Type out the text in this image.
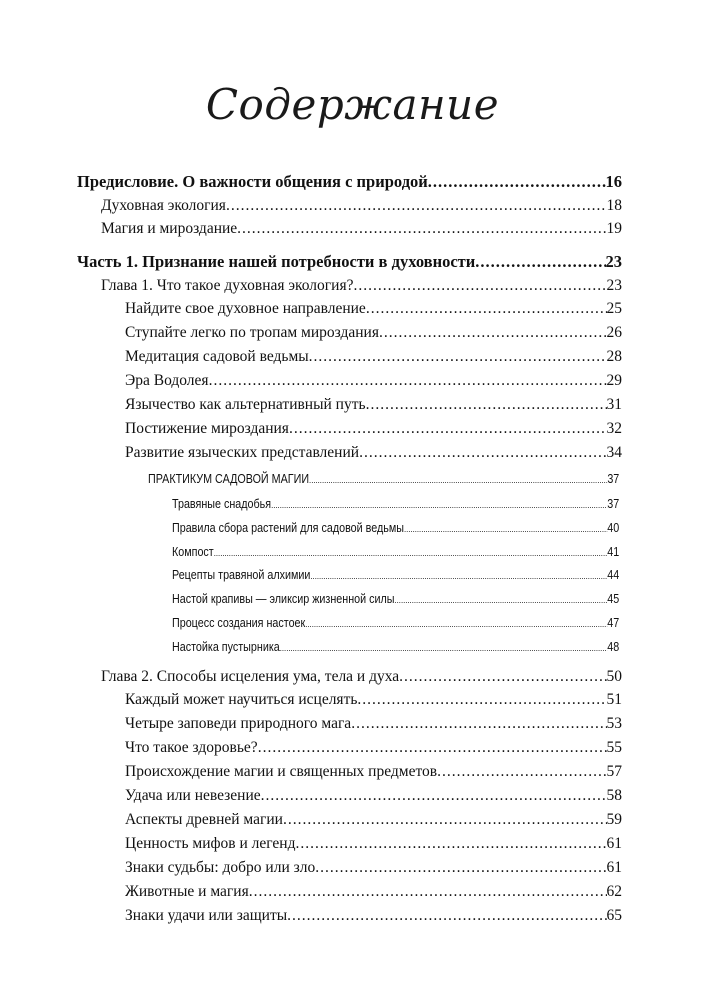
Содержание
Предисловие. О важности общения с природой .....	16
Духовная экология .....	18
Магия и мироздание .....	19
Часть 1. Признание нашей потребности в духовности .....	23
Глава 1. Что такое духовная экология? .....	23
Найдите свое духовное направление .....	25
Ступайте легко по тропам мироздания .....	26
Медитация садовой ведьмы .....	28
Эра Водолея .....	29
Язычество как альтернативный путь .....	31
Постижение мироздания .....	32
Развитие языческих представлений .....	34
ПРАКТИКУМ САДОВОЙ МАГИИ .....	37
Травяные снадобья .....	37
Правила сбора растений для садовой ведьмы .....	40
Компост .....	41
Рецепты травяной алхимии .....	44
Настой крапивы — эликсир жизненной силы .....	45
Процесс создания настоек .....	47
Настойка пустырника .....	48
Глава 2. Способы исцеления ума, тела и духа .....	50
Каждый может научиться исцелять .....	51
Четыре заповеди природного мага .....	53
Что такое здоровье? .....	55
Происхождение магии и священных предметов .....	57
Удача или невезение .....	58
Аспекты древней магии .....	59
Ценность мифов и легенд .....	61
Знаки судьбы: добро или зло .....	61
Животные и магия .....	62
Знаки удачи или защиты .....	65
